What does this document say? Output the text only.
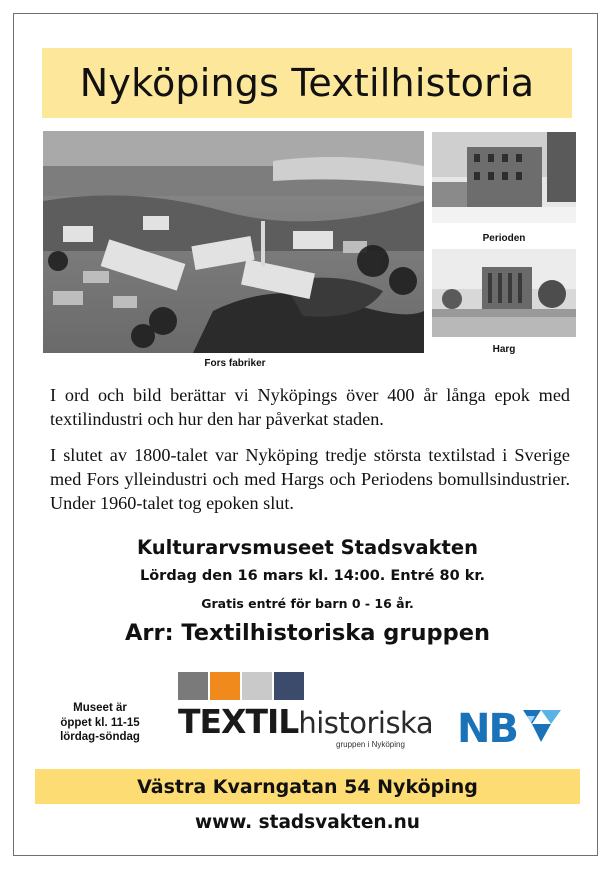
Nyköpings Textilhistoria
Fors fabriker
Perioden
Harg

I ord och bild berättar vi Nyköpings över 400 år långa epok med textilindustri och hur den har påverkat staden.

I slutet av 1800-talet var Nyköping tredje största textilstad i Sverige med Fors ylleindustri och med Hargs och Periodens bomullsindustrier. Under 1960-talet tog epoken slut.

Kulturarvsmuseet Stadsvakten
Lördag den 16 mars kl. 14:00. Entré 80 kr.
Gratis entré för barn 0 - 16 år.
Arr: Textilhistoriska gruppen
Museet är
öppet kl. 11-15
lördag-söndag	TEXTILhistoriska
gruppen i Nyköping NB
Västra Kvarngatan 54 Nyköping
www. stadsvakten.nu
